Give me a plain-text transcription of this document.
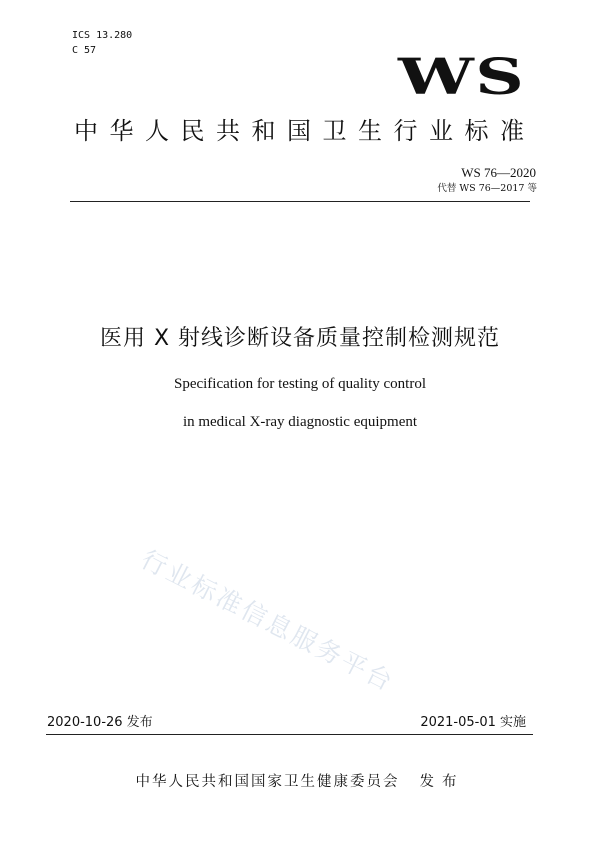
ICS 13.280
C 57	WS
中华人民共和国卫生行业标准
WS 76—2020
代替 WS 76—2017 等
医用 X 射线诊断设备质量控制检测规范
Specification for testing of quality control
in medical X-ray diagnostic equipment
行业标准信息服务平台
2020-10-26 发布	2021-05-01 实施
中华人民共和国国家卫生健康委员会 发布
